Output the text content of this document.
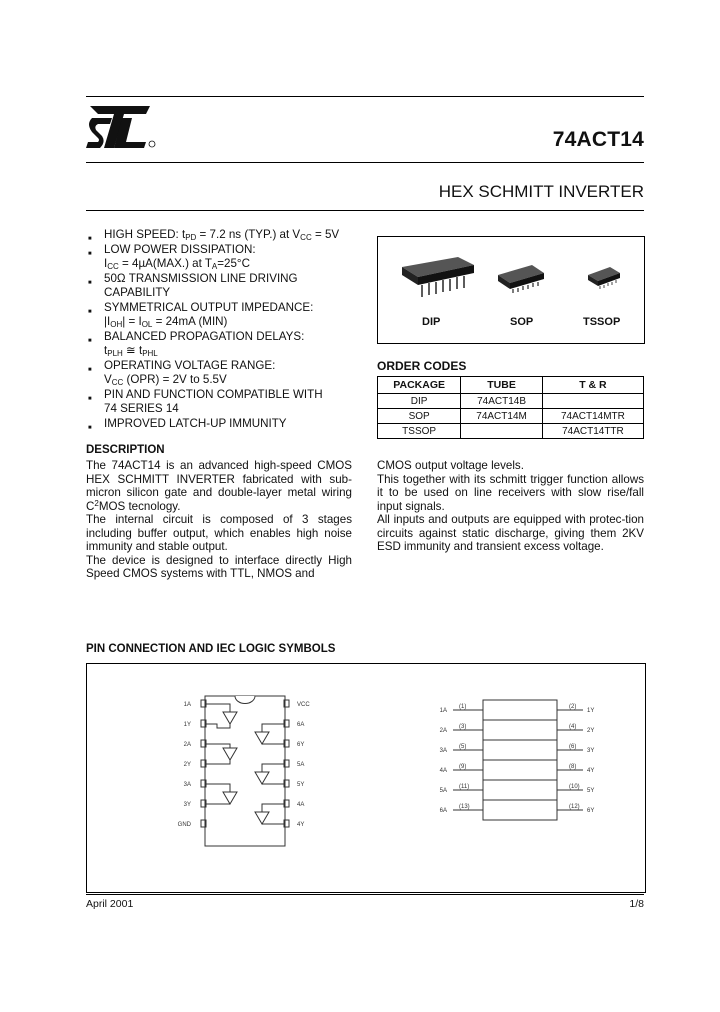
74ACT14
HEX SCHMITT INVERTER
■ HIGH SPEED: $t_{PD} = 7.2$ ns (TYP.) at $V_{CC} = 5V$
■ LOW POWER DISSIPATION:
$I_{CC} = 4\mu A(MAX.)$ at $T_A=25^\circ C$
■ 50Ω TRANSMISSION LINE DRIVING
CAPABILITY
■ SYMMETRICAL OUTPUT IMPEDANCE:
$|I_{OH}| = I_{OL} = 24mA$ (MIN)
■ BALANCED PROPAGATION DELAYS:
$t_{PLH}$ ≅ $t_{PHL}$
■ OPERATING VOLTAGE RANGE:
$V_{CC}$ (OPR) = 2V to 5.5V
■ PIN AND FUNCTION COMPATIBLE WITH
74 SERIES 14
■ IMPROVED LATCH-UP IMMUNITY
DIP	SOP	TSSOP
ORDER CODES
PACKAGE	TUBE	T & R
DIP	74ACT14B	
SOP	74ACT14M	74ACT14MTR
TSSOP		74ACT14TTR
DESCRIPTION
The 74ACT14 is an advanced high-speed CMOS HEX SCHMITT INVERTER fabricated with sub-micron silicon gate and double-layer metal wiring $C^2MOS$ tecnology.
The internal circuit is composed of 3 stages including buffer output, which enables high noise immunity and stable output.
The device is designed to interface directly High Speed CMOS systems with TTL, NMOS and
CMOS output voltage levels.
This together with its schmitt trigger function allows it to be used on line receivers with slow rise/fall input signals.
All inputs and outputs are equipped with protec-tion circuits against static discharge, giving them 2KV ESD immunity and transient excess voltage.
PIN CONNECTION AND IEC LOGIC SYMBOLS
1A
1Y
2A
2Y
3A
3Y
GND
VCC
6A
6Y
5A
5Y
4A
4Y
1A
(1)
1Y
(2)
2A
(3)
2Y
(4)
3A
(5)
3Y
(6)
4A
(9)
4Y
(8)
5A
(11)
5Y
(10)
6A
(13)
6Y
(12)
April 2001	1/8
